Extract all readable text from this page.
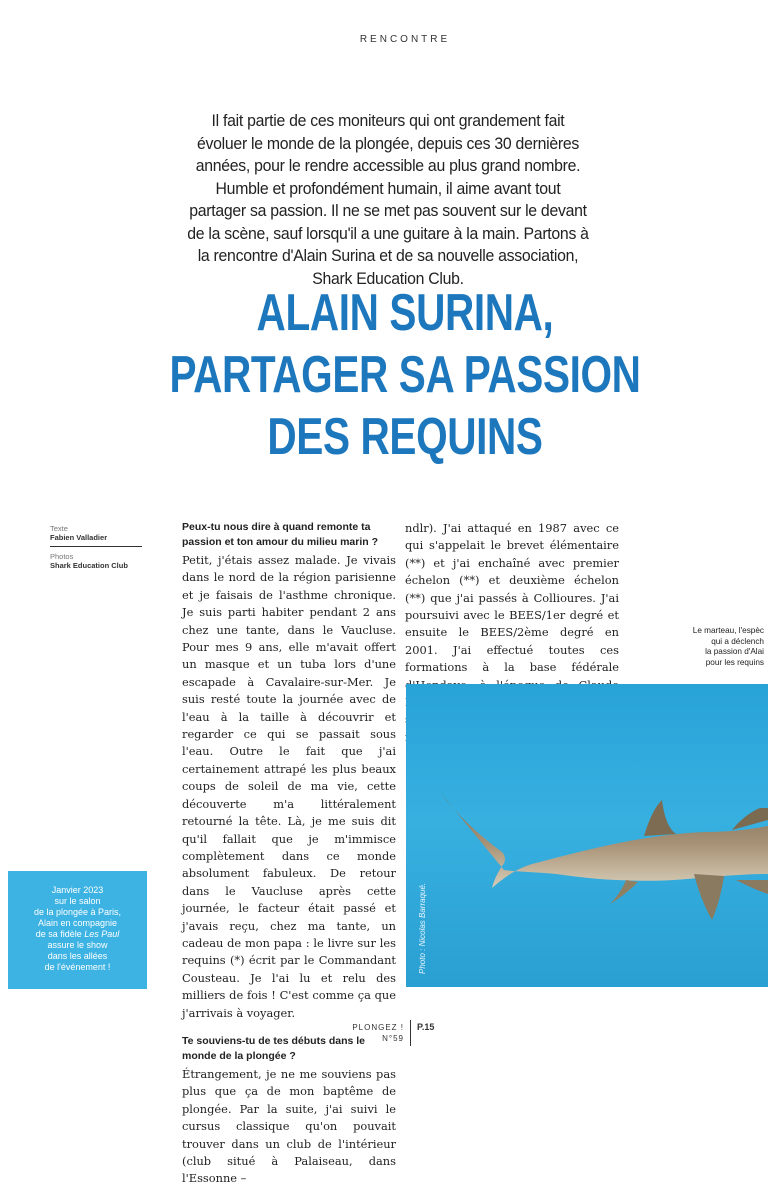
RENCONTRE
Il fait partie de ces moniteurs qui ont grandement fait évoluer le monde de la plongée, depuis ces 30 dernières années, pour le rendre accessible au plus grand nombre. Humble et profondément humain, il aime avant tout partager sa passion. Il ne se met pas souvent sur le devant de la scène, sauf lorsqu'il a une guitare à la main. Partons à la rencontre d'Alain Surina et de sa nouvelle association, Shark Education Club.
ALAIN SURINA,
PARTAGER SA PASSION
DES REQUINS
Texte
Fabien Valladier
Photos
Shark Education Club
Peux-tu nous dire à quand remonte ta passion et ton amour du milieu marin ?

Petit, j'étais assez malade. Je vivais dans le nord de la région parisienne et je faisais de l'asthme chronique. Je suis parti habiter pendant 2 ans chez une tante, dans le Vaucluse. Pour mes 9 ans, elle m'avait offert un masque et un tuba lors d'une escapade à Cavalaire-sur-Mer. Je suis resté toute la journée avec de l'eau à la taille à découvrir et regarder ce qui se passait sous l'eau. Outre le fait que j'ai certainement attrapé les plus beaux coups de soleil de ma vie, cette découverte m'a littéralement retourné la tête. Là, je me suis dit qu'il fallait que je m'immisce complètement dans ce monde absolument fabuleux. De retour dans le Vaucluse après cette journée, le facteur était passé et j'avais reçu, chez ma tante, un cadeau de mon papa : le livre sur les requins (*) écrit par le Commandant Cousteau. Je l'ai lu et relu des milliers de fois ! C'est comme ça que j'arrivais à voyager.

Te souviens-tu de tes débuts dans le monde de la plongée ?

Étrangement, je ne me souviens pas plus que ça de mon baptême de plongée. Par la suite, j'ai suivi le cursus classique qu'on pouvait trouver dans un club de l'intérieur (club situé à Palaiseau, dans l'Essonne –

ndlr). J'ai attaqué en 1987 avec ce qui s'appelait le brevet élémentaire (**) et j'ai enchaîné avec premier échelon (**) et deuxième échelon (**) que j'ai passés à Collioures. J'ai poursuivi avec le BEES/1er degré et ensuite le BEES/2ème degré en 2001. J'ai effectué toutes ces formations à la base fédérale

Le marteau, l'espèc
qui a déclench
la passion d'Alai
pour les requins
Photo : Nicolas Barraqué.
Janvier 2023
sur le salon
de la plongée à Paris,
Alain en compagnie
de sa fidèle Les Paul
assure le show
dans les allées
de l'événement !
PLONGEZ !
N°59
P.15
